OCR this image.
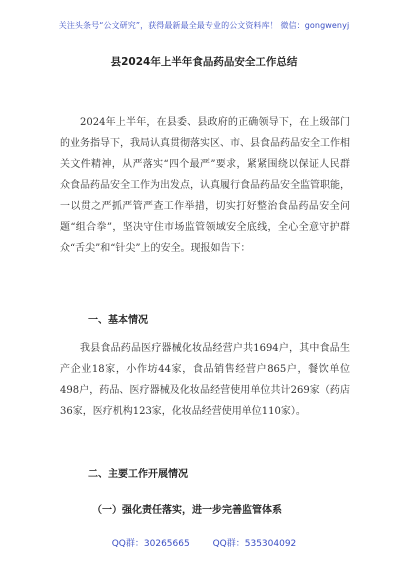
关注头条号“公文研究”，获得最新最全最专业的公文资料库！ 微信：gongwenyj
县2024年上半年食品药品安全工作总结

2024年上半年，在县委、县政府的正确领导下，在上级部门的业务指导下，我局认真贯彻落实区、市、县食品药品安全工作相关文件精神，从严落实“四个最严”要求，紧紧围绕以保证人民群众食品药品安全工作为出发点，认真履行食品药品安全监管职能，一以贯之严抓严管严查工作举措，切实打好整治食品药品安全问题“组合拳”，坚决守住市场监管领域安全底线，全心全意守护群众“舌尖”和“针尖”上的安全。现报如告下：

一、基本情况

我县食品药品医疗器械化妆品经营户共1694户，其中食品生产企业18家，小作坊44家，食品销售经营户865户，餐饮单位498户，药品、医疗器械及化妆品经营使用单位共计269家（药店36家，医疗机构123家，化妆品经营使用单位110家）。

二、主要工作开展情况

（一）强化责任落实，进一步完善监管体系

QQ群：30265665	QQ群：535304092
